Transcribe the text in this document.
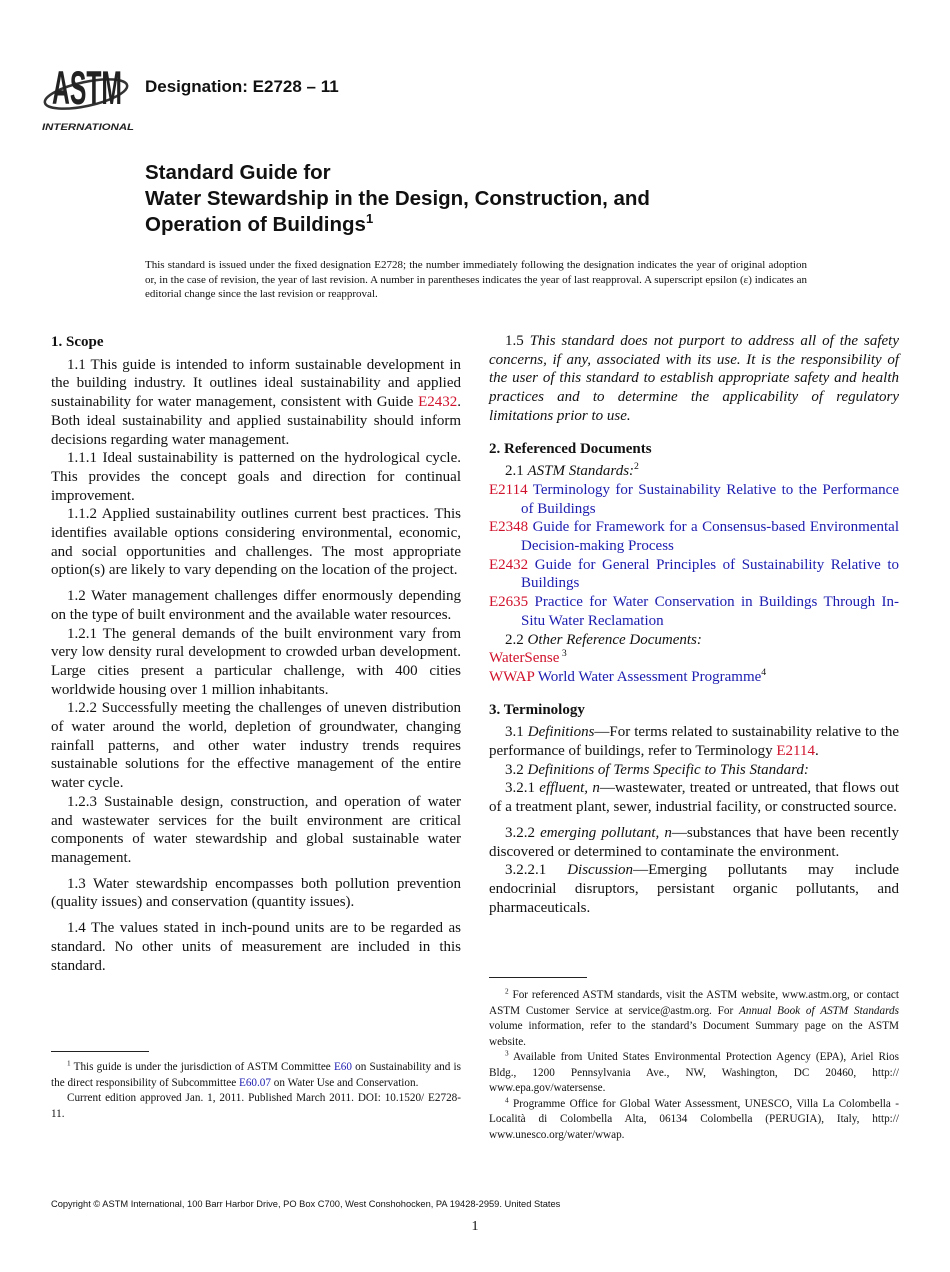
ASTM
INTERNATIONAL
Designation: E2728 – 11
Standard Guide for
Water Stewardship in the Design, Construction, and
Operation of Buildings$^1$
This standard is issued under the fixed designation E2728; the number immediately following the designation indicates the year of original adoption or, in the case of revision, the year of last revision. A number in parentheses indicates the year of last reapproval. A superscript epsilon (ε) indicates an editorial change since the last revision or reapproval.
1. Scope

1.1 This guide is intended to inform sustainable development in the building industry. It outlines ideal sustainability and applied sustainability for water management, consistent with Guide E2432. Both ideal sustainability and applied sustainability should inform decisions regarding water management.

1.1.1 Ideal sustainability is patterned on the hydrological cycle. This provides the concept goals and direction for continual improvement.

1.1.2 Applied sustainability outlines current best practices. This identifies available options considering environmental, economic, and social opportunities and challenges. The most appropriate option(s) are likely to vary depending on the location of the project.

1.2 Water management challenges differ enormously depending on the type of built environment and the available water resources.

1.2.1 The general demands of the built environment vary from very low density rural development to crowded urban development. Large cities present a particular challenge, with 400 cities worldwide housing over 1 million inhabitants.

1.2.2 Successfully meeting the challenges of uneven distribution of water around the world, depletion of groundwater, changing rainfall patterns, and other water industry trends requires sustainable solutions for the effective management of the entire water cycle.

1.2.3 Sustainable design, construction, and operation of water and wastewater services for the built environment are critical components of water stewardship and global sustainable water management.

1.3 Water stewardship encompasses both pollution prevention (quality issues) and conservation (quantity issues).

1.4 The values stated in inch-pound units are to be regarded as standard. No other units of measurement are included in this standard.

1.5 This standard does not purport to address all of the safety concerns, if any, associated with its use. It is the responsibility of the user of this standard to establish appropriate safety and health practices and to determine the applicability of regulatory limitations prior to use.

2. Referenced Documents

2.1 ASTM Standards:$^2$

E2114 Terminology for Sustainability Relative to the Performance of Buildings

E2348 Guide for Framework for a Consensus-based Environmental Decision-making Process

E2432 Guide for General Principles of Sustainability Relative to Buildings

E2635 Practice for Water Conservation in Buildings Through In-Situ Water Reclamation

2.2 Other Reference Documents:

WaterSense $^3$

WWAP World Water Assessment Programme$^4$

3. Terminology

3.1 Definitions—For terms related to sustainability relative to the performance of buildings, refer to Terminology E2114.

3.2 Definitions of Terms Specific to This Standard:

3.2.1 effluent, n—wastewater, treated or untreated, that flows out of a treatment plant, sewer, industrial facility, or constructed source.

3.2.2 emerging pollutant, n—substances that have been recently discovered or determined to contaminate the environment.

3.2.2.1 Discussion—Emerging pollutants may include endocrinial disruptors, persistant organic pollutants, and pharmaceuticals.

$^1$ This guide is under the jurisdiction of ASTM Committee E60 on Sustainability and is the direct responsibility of Subcommittee E60.07 on Water Use and Conservation.

Current edition approved Jan. 1, 2011. Published March 2011. DOI: 10.1520/ E2728-11.

$^2$ For referenced ASTM standards, visit the ASTM website, www.astm.org, or contact ASTM Customer Service at service@astm.org. For Annual Book of ASTM Standards volume information, refer to the standard’s Document Summary page on the ASTM website.

$^3$ Available from United States Environmental Protection Agency (EPA), Ariel Rios Bldg., 1200 Pennsylvania Ave., NW, Washington, DC 20460, http:// www.epa.gov/watersense.

$^4$ Programme Office for Global Water Assessment, UNESCO, Villa La Colombella - Località di Colombella Alta, 06134 Colombella (PERUGIA), Italy, http:// www.unesco.org/water/wwap.

Copyright © ASTM International, 100 Barr Harbor Drive, PO Box C700, West Conshohocken, PA 19428-2959. United States
1
